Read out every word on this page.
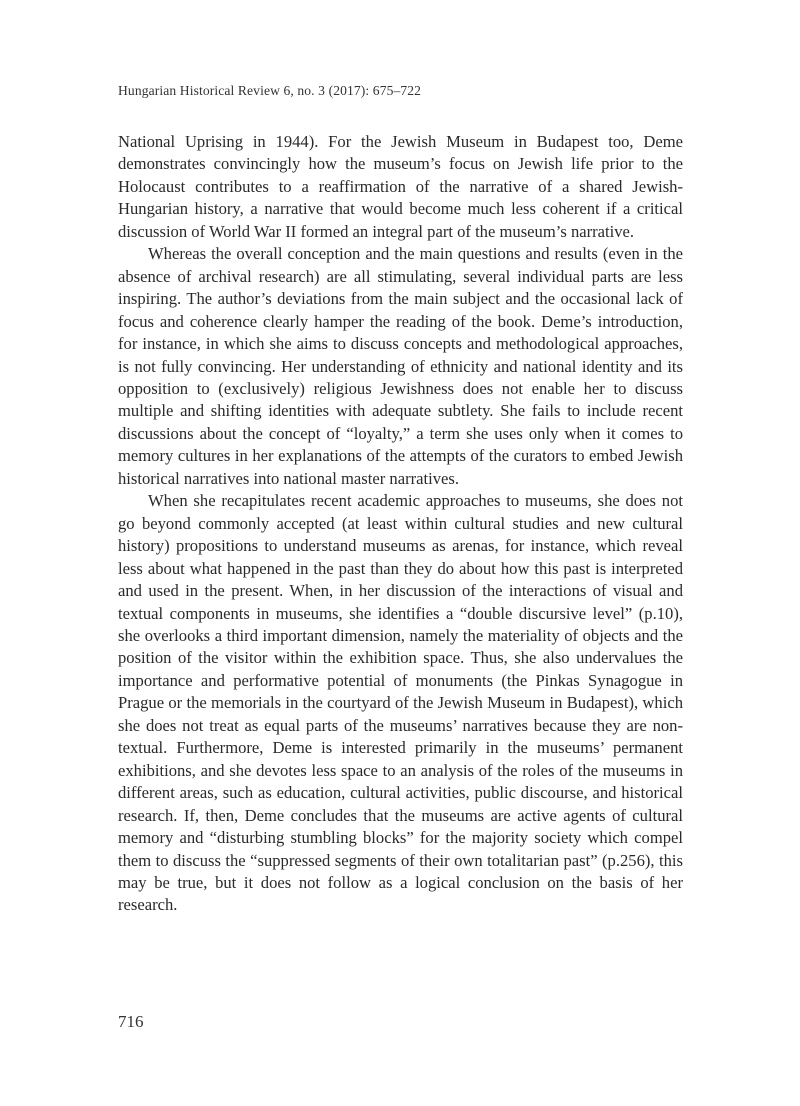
Hungarian Historical Review 6, no. 3 (2017): 675–722

National Uprising in 1944). For the Jewish Museum in Budapest too, Deme demonstrates convincingly how the museum’s focus on Jewish life prior to the Holocaust contributes to a reaffirmation of the narrative of a shared Jewish-Hungarian history, a narrative that would become much less coherent if a critical discussion of World War II formed an integral part of the museum’s narrative.

Whereas the overall conception and the main questions and results (even in the absence of archival research) are all stimulating, several individual parts are less inspiring. The author’s deviations from the main subject and the occasional lack of focus and coherence clearly hamper the reading of the book. Deme’s introduction, for instance, in which she aims to discuss concepts and methodological approaches, is not fully convincing. Her understanding of ethnicity and national identity and its opposition to (exclusively) religious Jewishness does not enable her to discuss multiple and shifting identities with adequate subtlety. She fails to include recent discussions about the concept of “loyalty,” a term she uses only when it comes to memory cultures in her explanations of the attempts of the curators to embed Jewish historical narratives into national master narratives.

When she recapitulates recent academic approaches to museums, she does not go beyond commonly accepted (at least within cultural studies and new cultural history) propositions to understand museums as arenas, for instance, which reveal less about what happened in the past than they do about how this past is interpreted and used in the present. When, in her discussion of the interactions of visual and textual components in museums, she identifies a “double discursive level” (p.10), she overlooks a third important dimension, namely the materiality of objects and the position of the visitor within the exhibition space. Thus, she also undervalues the importance and performative potential of monuments (the Pinkas Synagogue in Prague or the memorials in the courtyard of the Jewish Museum in Budapest), which she does not treat as equal parts of the museums’ narratives because they are non-textual. Furthermore, Deme is interested primarily in the museums’ permanent exhibitions, and she devotes less space to an analysis of the roles of the museums in different areas, such as education, cultural activities, public discourse, and historical research. If, then, Deme concludes that the museums are active agents of cultural memory and “disturbing stumbling blocks” for the majority society which compel them to discuss the “suppressed segments of their own totalitarian past” (p.256), this may be true, but it does not follow as a logical conclusion on the basis of her research.

716
